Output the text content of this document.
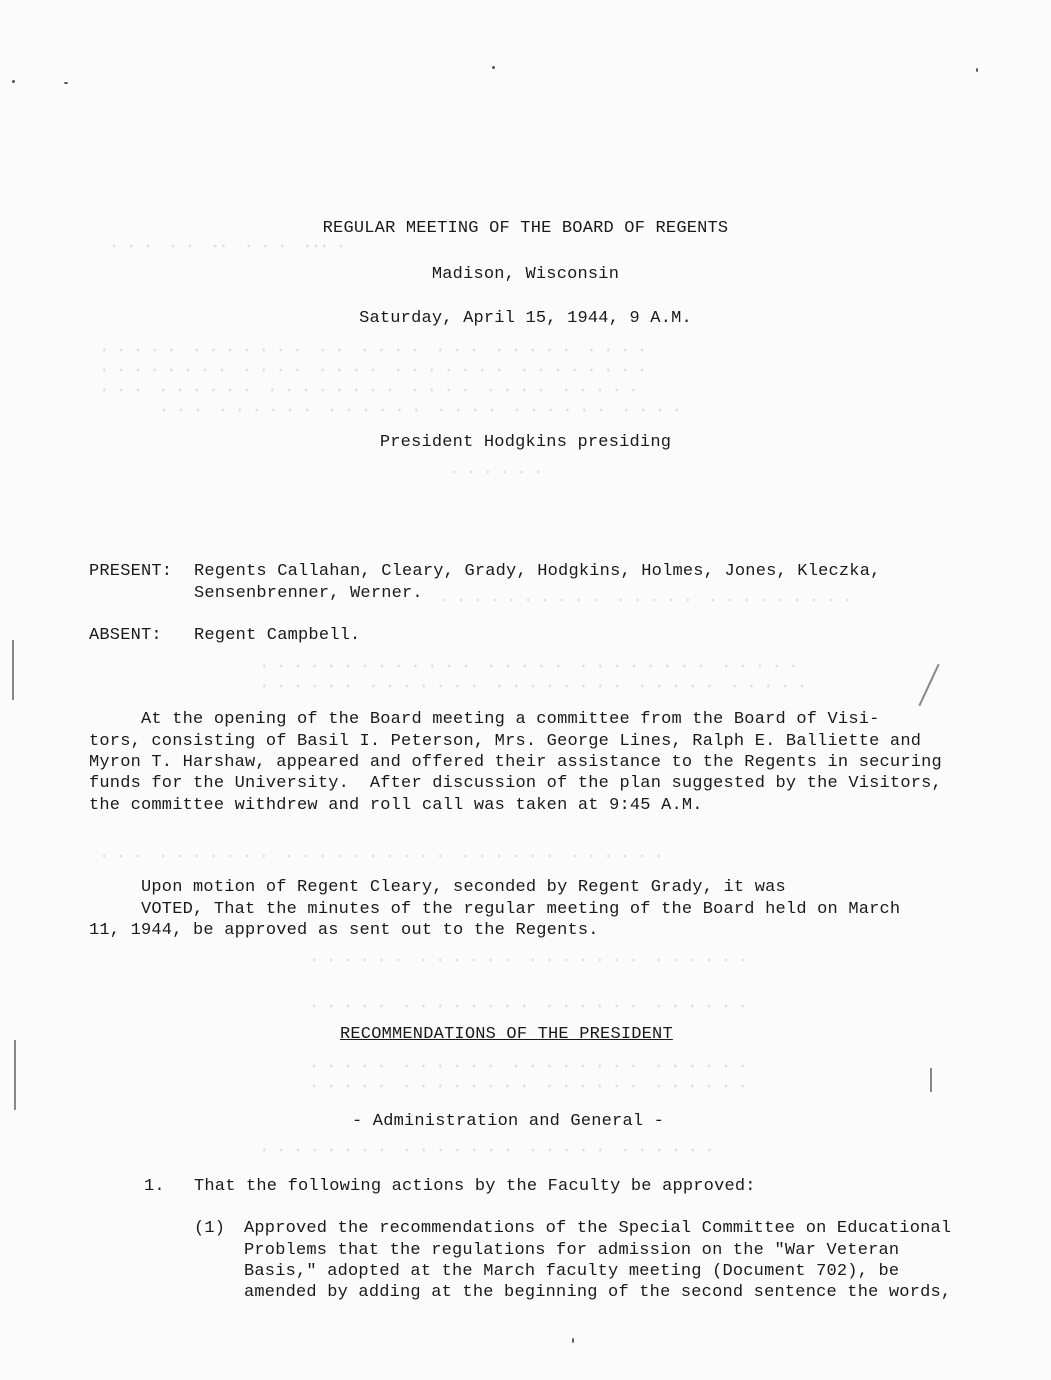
. ...  . . .  ..  . .  . . .
. . . .  . . . . .  . . .  . . . .  . .  . . . . . . .  . . . . .
. . . . . . . .  . . . . . . .  . . . .  . . . .  . . . . . . . .
. . . . .  . . . .  . . . .  . . . . . . . .  . . . . . .  . . .
. . . .  . . . . . .  . . . .  . . . . . .  . . . . . .  . . .
. . . . . .
. . . . . . . . .  . . . . .  . . . . . . . . . .
. . . . .  . . . . . . . .  . . . . .  . . . . . . . . . . . . .
. . . . .  . . . . .  . . . . . . . .  . . . . . . .  . . . . . .
. . . . . .  . . . . . .  . . . . . . . . . .  . . . . . . .  . . .
. . . . . .  . . . . . . .  . . . . . .  . . . . . .
. . . . . .  . . . . . .  . . . . . . . .  . . . . .
. . . . . .  . . . . . . . .  . . . . . .  . . . . .
. . . . . .  . . . . . .  . . . . . . . .  . . . . .
. . . . . .  . . . . .  . . . . . . .  . . . . . . . .
REGULAR MEETING OF THE BOARD OF REGENTS
Madison, Wisconsin
Saturday, April 15, 1944, 9 A.M.
President Hodgkins presiding
PRESENT: Regents Callahan, Cleary, Grady, Hodgkins, Holmes, Jones, Kleczka,
Sensenbrenner, Werner.
ABSENT: Regent Campbell.
At the opening of the Board meeting a committee from the Board of Visi-
tors, consisting of Basil I. Peterson, Mrs. George Lines, Ralph E. Balliette and
Myron T. Harshaw, appeared and offered their assistance to the Regents in securing
funds for the University.  After discussion of the plan suggested by the Visitors,
the committee withdrew and roll call was taken at 9:45 A.M.
Upon motion of Regent Cleary, seconded by Regent Grady, it was
VOTED, That the minutes of the regular meeting of the Board held on March
11, 1944, be approved as sent out to the Regents.
RECOMMENDATIONS OF THE PRESIDENT
- Administration and General -
1. That the following actions by the Faculty be approved:
(1) Approved the recommendations of the Special Committee on Educational
Problems that the regulations for admission on the "War Veteran
Basis," adopted at the March faculty meeting (Document 702), be
amended by adding at the beginning of the second sentence the words,
